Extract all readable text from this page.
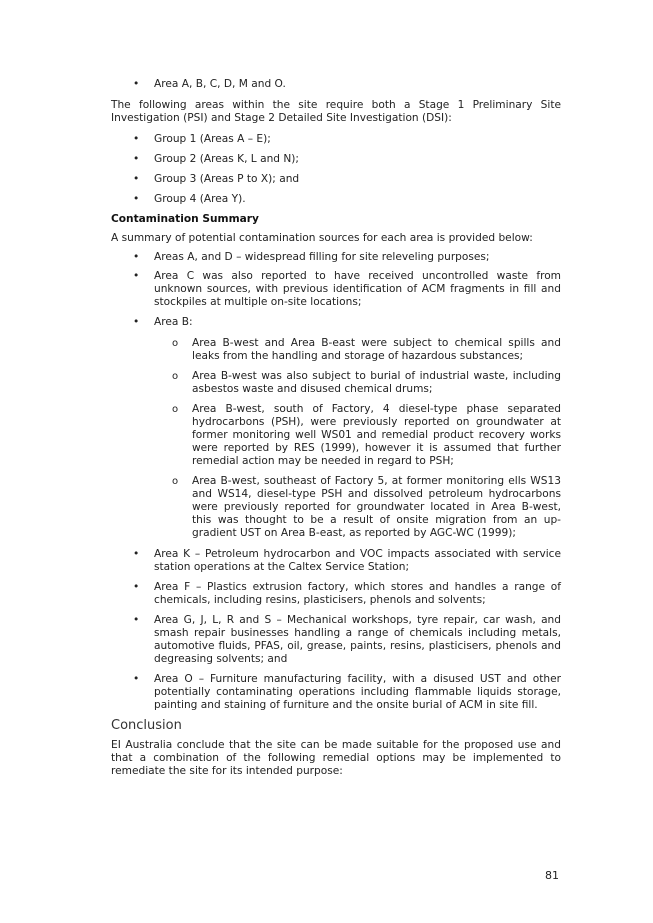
• Area A, B, C, D, M and O.

The following areas within the site require both a Stage 1 Preliminary Site Investigation (PSI) and Stage 2 Detailed Site Investigation (DSI):

• Group 1 (Areas A – E);

• Group 2 (Areas K, L and N);

• Group 3 (Areas P to X); and

• Group 4 (Area Y).

Contamination Summary

A summary of potential contamination sources for each area is provided below:

• Areas A, and D – widespread filling for site releveling purposes;

• Area C was also reported to have received uncontrolled waste from unknown sources, with previous identification of ACM fragments in fill and stockpiles at multiple on-site locations;

• Area B:

o Area B-west and Area B-east were subject to chemical spills and leaks from the handling and storage of hazardous substances;

o Area B-west was also subject to burial of industrial waste, including asbestos waste and disused chemical drums;

o Area B-west, south of Factory, 4 diesel-type phase separated hydrocarbons (PSH), were previously reported on groundwater at former monitoring well WS01 and remedial product recovery works were reported by RES (1999), however it is assumed that further remedial action may be needed in regard to PSH;

o Area B-west, southeast of Factory 5, at former monitoring ells WS13 and WS14, diesel-type PSH and dissolved petroleum hydrocarbons were previously reported for groundwater located in Area B-west, this was thought to be a result of onsite migration from an up-gradient UST on Area B-east, as reported by AGC-WC (1999);

• Area K – Petroleum hydrocarbon and VOC impacts associated with service station operations at the Caltex Service Station;

• Area F – Plastics extrusion factory, which stores and handles a range of chemicals, including resins, plasticisers, phenols and solvents;

• Area G, J, L, R and S – Mechanical workshops, tyre repair, car wash, and smash repair businesses handling a range of chemicals including metals, automotive fluids, PFAS, oil, grease, paints, resins, plasticisers, phenols and degreasing solvents; and

• Area O – Furniture manufacturing facility, with a disused UST and other potentially contaminating operations including flammable liquids storage, painting and staining of furniture and the onsite burial of ACM in site fill.

Conclusion

EI Australia conclude that the site can be made suitable for the proposed use and that a combination of the following remedial options may be implemented to remediate the site for its intended purpose:

81
